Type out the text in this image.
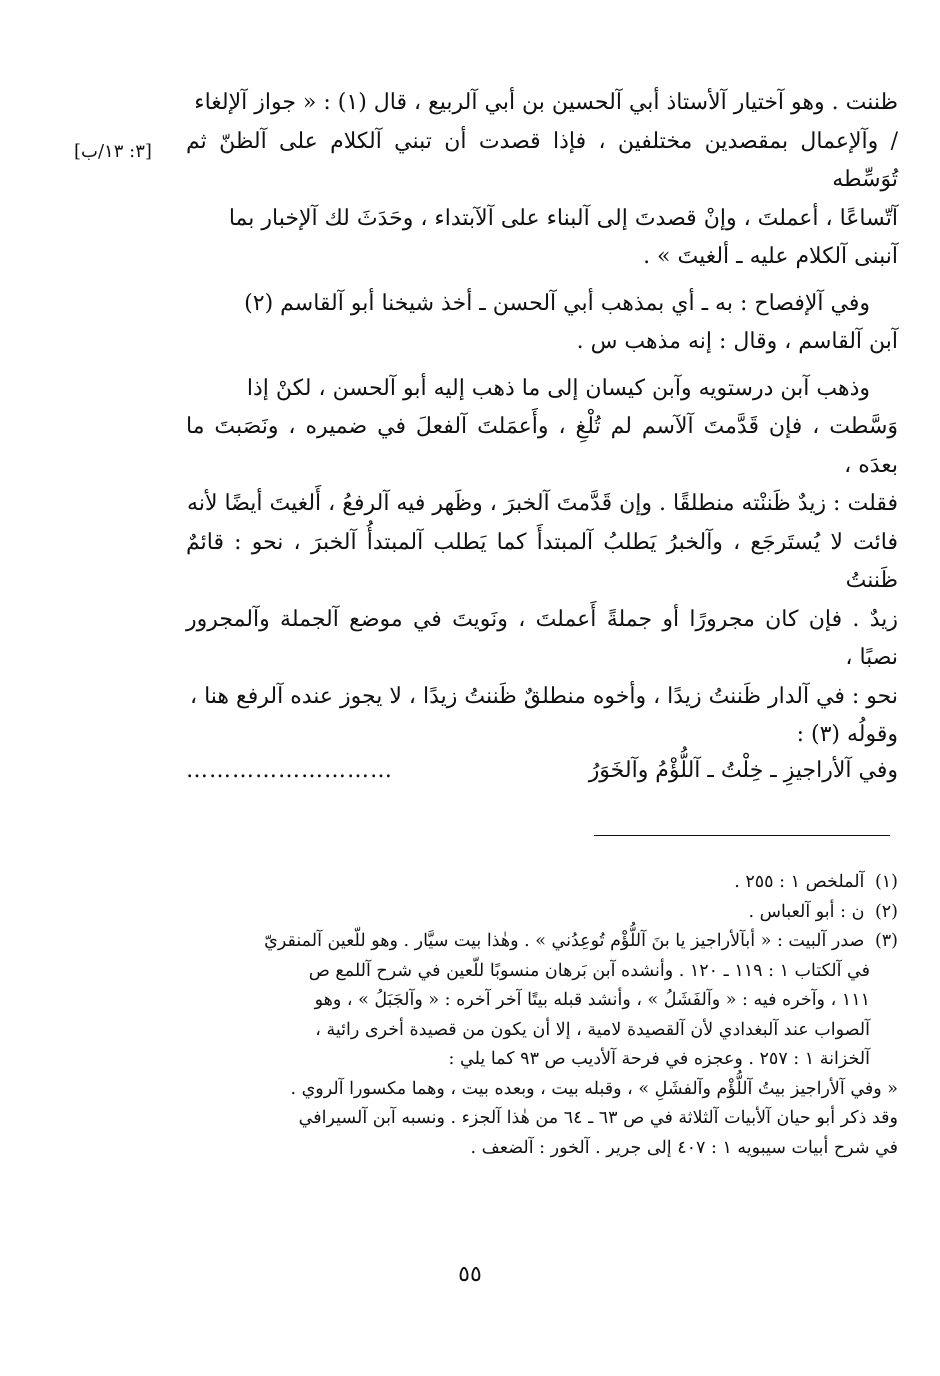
[٣: ١٣/ب]
ظننت . وهو آختيار آلأستاذ أبي آلحسين بن أبي آلربيع ، قال (١) : « جواز آلإلغاء
/ وآلإعمال بمقصدين مختلفين ، فإذا قصدت أن تبني آلكلام على آلظنّ ثم تُوَسِّطه
آتّساعًا ، أعملتَ ، وإنْ قصدتَ إلى آلبناء على آلآبتداء ، وحَدَثَ لك آلإخبار بما
آنبنى آلكلام عليه ـ ألغيتَ » .
وفي آلإفصاح : به ـ أي بمذهب أبي آلحسن ـ أخذ شيخنا أبو آلقاسم (٢)
آبن آلقاسم ، وقال : إنه مذهب س .
وذهب آبن درستويه وآبن كيسان إلى ما ذهب إليه أبو آلحسن ، لكنْ إذا
وَسَّطت ، فإن قَدَّمتَ آلآسم لم تُلْغِ ، وأَعمَلتَ آلفعلَ في ضميره ، ونَصَبتَ ما بعدَه ،
فقلت : زيدٌ ظَننْته منطلقًا . وإن قَدَّمتَ آلخبرَ ، وظَهر فيه آلرفعُ ، أَلغيتَ أيضًا لأنه
فائت لا يُستَرجَع ، وآلخبرُ يَطلبُ آلمبتدأَ كما يَطلب آلمبتدأُ آلخبرَ ، نحو : قائمٌ ظَننتُ
زيدٌ . فإن كان مجرورًا أو جملةً أَعملتَ ، ونَويتَ في موضع آلجملة وآلمجرور نصبًا ،
نحو : في آلدار ظَننتُ زيدًا ، وأخوه منطلقٌ ظَننتُ زيدًا ، لا يجوز عنده آلرفع هنا ،
وقولُه (٣) :
وفي آلأراجيزِ ـ خِلْتُ ـ آللُّؤْمُ وآلخَوَرُ
………………………
(١) آلملخص ١ : ٢٥٥ .
(٢) ن : أبو آلعباس .
(٣) صدر آلبيت : « أبآلأراجيز يا بنَ آللُّؤْم تُوعِدُني » . وهٰذا بيت سيَّار . وهو للّعين آلمنقريّ
في آلكتاب ١ : ١١٩ ـ ١٢٠ . وأنشده آبن بَرهان منسوبًا للّعين في شرح آللمع ص
١١١ ، وآخره فيه : « وآلفَشَلُ » ، وأنشد قبله بيتًا آخر آخره : « وآلجَبَلُ » ، وهو
آلصواب عند آلبغدادي لأن آلقصيدة لامية ، إلا أن يكون من قصيدة أخرى رائية ،
آلخزانة ١ : ٢٥٧ . وعجزه في فرحة آلأديب ص ٩٣ كما يلي :
« وفي آلأراجيز بيتُ آللُّؤْم وآلفشَلِ » ، وقبله بيت ، وبعده بيت ، وهما مكسورا آلروي .
وقد ذكر أبو حيان آلأبيات آلثلاثة في ص ٦٣ ـ ٦٤ من هٰذا آلجزء . ونسبه آبن آلسيرافي
في شرح أبيات سيبويه ١ : ٤٠٧ إلى جرير . آلخور : آلضعف .
٥٥
